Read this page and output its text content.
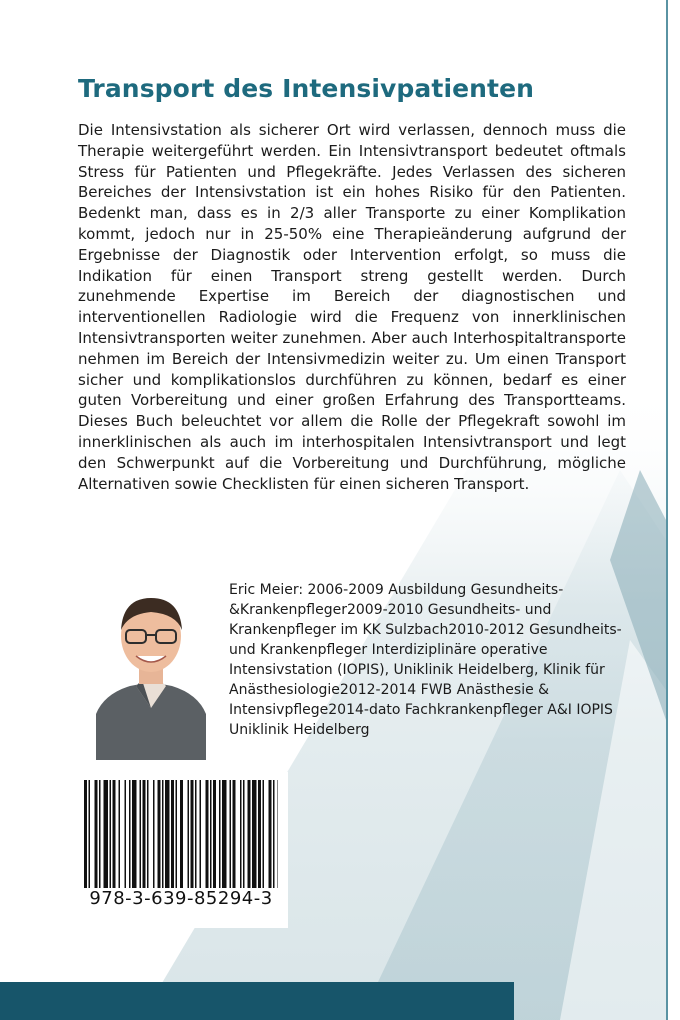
Transport des Intensivpatienten

Die Intensivstation als sicherer Ort wird verlassen, dennoch muss die Therapie weitergeführt werden. Ein Intensivtransport bedeutet oftmals Stress für Patienten und Pflegekräfte. Jedes Verlassen des sicheren Bereiches der Intensivstation ist ein hohes Risiko für den Patienten. Bedenkt man, dass es in 2/3 aller Transporte zu einer Komplikation kommt, jedoch nur in 25-50% eine Therapieänderung aufgrund der Ergebnisse der Diagnostik oder Intervention erfolgt, so muss die Indikation für einen Transport streng gestellt werden. Durch zunehmende Expertise im Bereich der diagnostischen und interventionellen Radiologie wird die Frequenz von innerklinischen Intensivtransporten weiter zunehmen. Aber auch Interhospitaltransporte nehmen im Bereich der Intensivmedizin weiter zu. Um einen Transport sicher und komplikationslos durchführen zu können, bedarf es einer guten Vorbereitung und einer großen Erfahrung des Transportteams. Dieses Buch beleuchtet vor allem die Rolle der Pflegekraft sowohl im innerklinischen als auch im interhospitalen Intensivtransport und legt den Schwerpunkt auf die Vorbereitung und Durchführung, mögliche Alternativen sowie Checklisten für einen sicheren Transport.

Eric Meier: 2006-2009 Ausbildung Gesundheits- &Krankenpfleger2009-2010 Gesundheits- und Krankenpfleger im KK Sulzbach2010-2012 Gesundheits- und Krankenpfleger Interdiziplinäre operative Intensivstation (IOPIS), Uniklinik Heidelberg, Klinik für Anästhesiologie2012-2014 FWB Anästhesie & Intensivpflege2014-dato Fachkrankenpfleger A&I IOPIS Uniklinik Heidelberg

978-3-639-85294-3
